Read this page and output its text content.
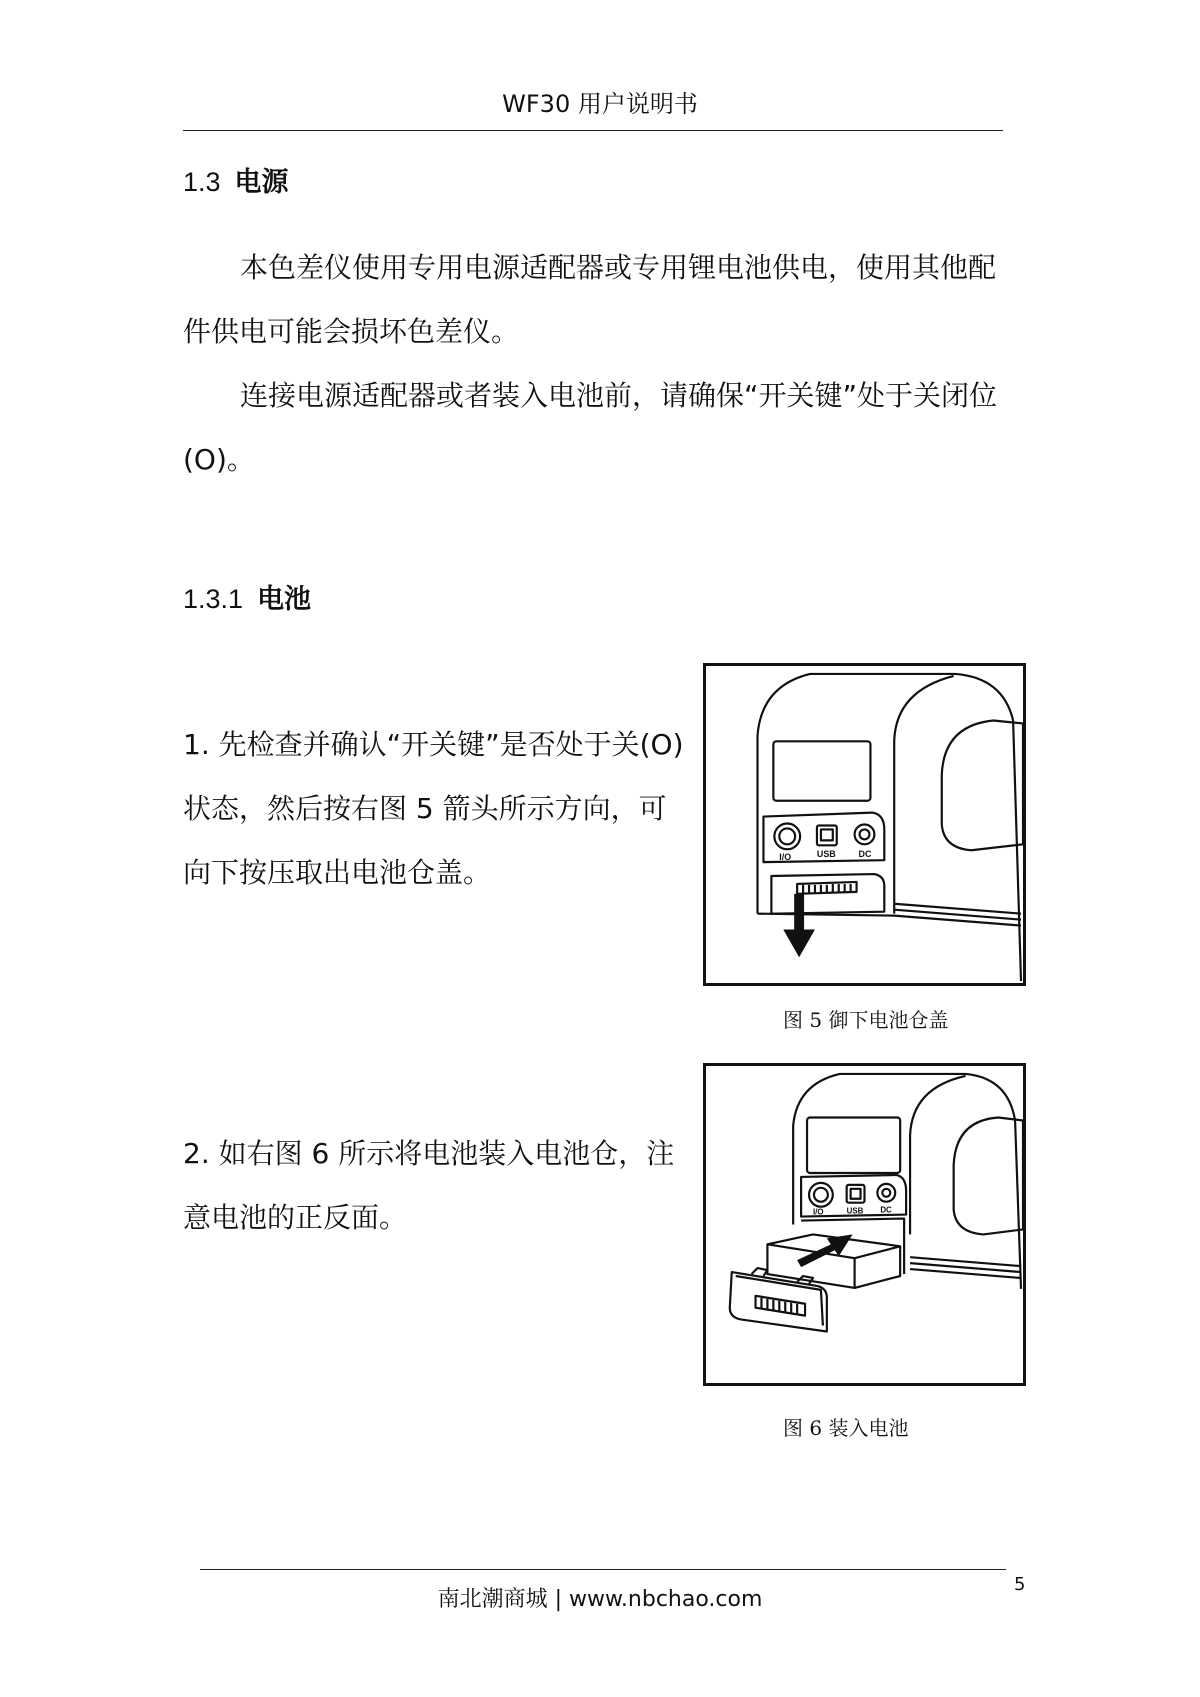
WF30 用户说明书
1.3 电源
本色差仪使用专用电源适配器或专用锂电池供电，使用其他配件供电可能会损坏色差仪。
连接电源适配器或者装入电池前，请确保“开关键”处于关闭位(O)。
1.3.1 电池
1. 先检查并确认“开关键”是否处于关(O)状态，然后按右图 5 箭头所示方向，可向下按压取出电池仓盖。
2. 如右图 6 所示将电池装入电池仓，注意电池的正反面。
I/O	USB	DC
图 5 御下电池仓盖
I/O	USB DC
图 6 装入电池
南北潮商城 | www.nbchao.com
5
